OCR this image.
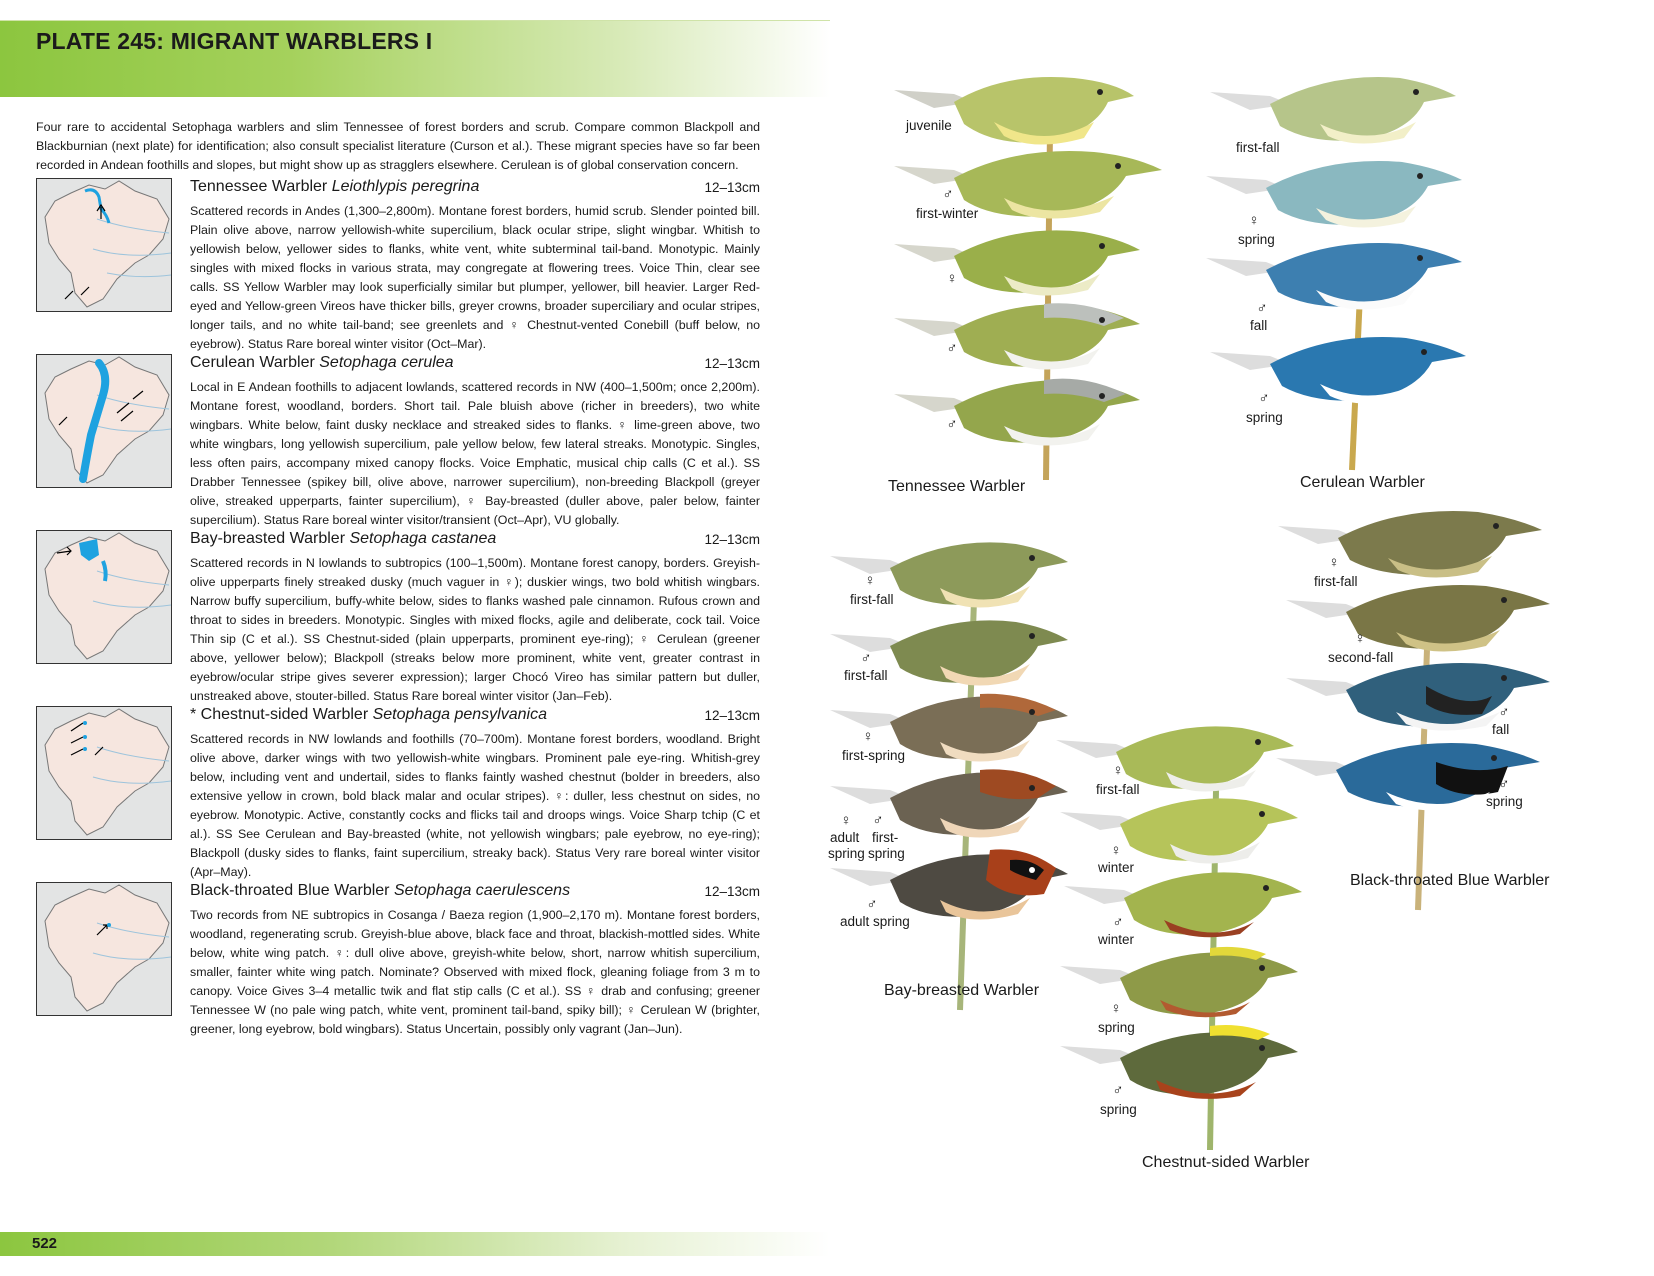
PLATE 245: MIGRANT WARBLERS I
Four rare to accidental Setophaga warblers and slim Tennessee of forest borders and scrub. Compare common Blackpoll and Blackburnian (next plate) for identification; also consult specialist literature (Curson et al.). These migrant species have so far been recorded in Andean foothills and slopes, but might show up as stragglers elsewhere. Cerulean is of global conservation concern.
Tennessee Warbler Leiothlypis peregrina	12–13cm
Scattered records in Andes (1,300–2,800m). Montane forest borders, humid scrub. Slender pointed bill. Plain olive above, narrow yellowish-white supercilium, black ocular stripe, slight wingbar. Whitish to yellowish below, yellower sides to flanks, white vent, white subterminal tail-band. Monotypic. Mainly singles with mixed flocks in various strata, may congregate at flowering trees. Voice Thin, clear see calls. SS Yellow Warbler may look superficially similar but plumper, yellower, bill heavier. Larger Red-eyed and Yellow-green Vireos have thicker bills, greyer crowns, broader superciliary and ocular stripes, longer tails, and no white tail-band; see greenlets and ♀ Chestnut-vented Conebill (buff below, no eyebrow). Status Rare boreal winter visitor (Oct–Mar).
Cerulean Warbler Setophaga cerulea	12–13cm
Local in E Andean foothills to adjacent lowlands, scattered records in NW (400–1,500m; once 2,200m). Montane forest, woodland, borders. Short tail. Pale bluish above (richer in breeders), two white wingbars. White below, faint dusky necklace and streaked sides to flanks. ♀ lime-green above, two white wingbars, long yellowish supercilium, pale yellow below, few lateral streaks. Monotypic. Singles, less often pairs, accompany mixed canopy flocks. Voice Emphatic, musical chip calls (C et al.). SS Drabber Tennessee (spikey bill, olive above, narrower supercilium), non-breeding Blackpoll (greyer olive, streaked upperparts, fainter supercilium), ♀ Bay-breasted (duller above, paler below, fainter supercilium). Status Rare boreal winter visitor/transient (Oct–Apr), VU globally.
Bay-breasted Warbler Setophaga castanea	12–13cm
Scattered records in N lowlands to subtropics (100–1,500m). Montane forest canopy, borders. Greyish-olive upperparts finely streaked dusky (much vaguer in ♀); duskier wings, two bold whitish wingbars. Narrow buffy supercilium, buffy-white below, sides to flanks washed pale cinnamon. Rufous crown and throat to sides in breeders. Monotypic. Singles with mixed flocks, agile and deliberate, cock tail. Voice Thin sip (C et al.). SS Chestnut-sided (plain upperparts, prominent eye-ring); ♀ Cerulean (greener above, yellower below); Blackpoll (streaks below more prominent, white vent, greater contrast in eyebrow/ocular stripe gives severer expression); larger Chocó Vireo has similar pattern but duller, unstreaked above, stouter-billed. Status Rare boreal winter visitor (Jan–Feb).
* Chestnut-sided Warbler Setophaga pensylvanica	12–13cm
Scattered records in NW lowlands and foothills (70–700m). Montane forest borders, woodland. Bright olive above, darker wings with two yellowish-white wingbars. Prominent pale eye-ring. Whitish-grey below, including vent and undertail, sides to flanks faintly washed chestnut (bolder in breeders, also extensive yellow in crown, bold black malar and ocular stripes). ♀: duller, less chestnut on sides, no eyebrow. Monotypic. Active, constantly cocks and flicks tail and droops wings. Voice Sharp tchip (C et al.). SS See Cerulean and Bay-breasted (white, not yellowish wingbars; pale eyebrow, no eye-ring); Blackpoll (dusky sides to flanks, faint supercilium, streaky back). Status Very rare boreal winter visitor (Apr–May).
Black-throated Blue Warbler Setophaga caerulescens	12–13cm
Two records from NE subtropics in Cosanga / Baeza region (1,900–2,170 m). Montane forest borders, woodland, regenerating scrub. Greyish-blue above, black face and throat, blackish-mottled sides. White below, white wing patch. ♀: dull olive above, greyish-white below, short, narrow whitish supercilium, smaller, fainter white wing patch. Nominate? Observed with mixed flock, gleaning foliage from 3 m to canopy. Voice Gives 3–4 metallic twik and flat stip calls (C et al.). SS ♀ drab and confusing; greener Tennessee W (no pale wing patch, white vent, prominent tail-band, spiky bill); ♀ Cerulean W (brighter, greener, long eyebrow, bold wingbars). Status Uncertain, possibly only vagrant (Jan–Jun).
522
juvenile
♂
first-winter
♀
♂
♂
Tennessee Warbler
first-fall
♀
spring
♂
fall
♂
spring
Cerulean Warbler
♀
first-fall
♂
first-fall
♀
first-spring
♀
adult
spring
♂
first-
spring
♂
adult spring
Bay-breasted Warbler
♀
first-fall
♀
winter
♂
winter
♀
spring
♂
spring
Chestnut-sided Warbler
♀
first-fall
♀
second-fall
♂
fall
♂
spring
Black-throated Blue Warbler
